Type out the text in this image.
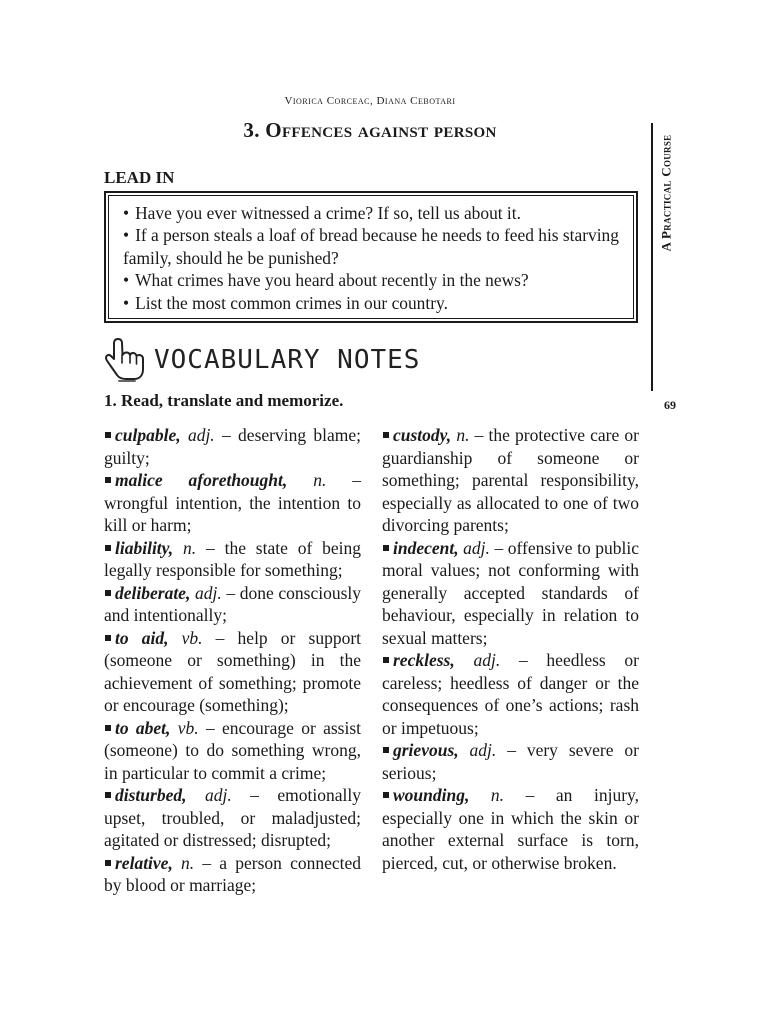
Viorica Corceac, Diana Cebotari
3. Offences against person
A Practical Course
69
LEAD IN
• Have you ever witnessed a crime? If so, tell us about it.
• If a person steals a loaf of bread because he needs to feed his starving family, should he be punished?
• What crimes have you heard about recently in the news?
• List the most common crimes in our country.
VOCABULARY NOTES
1. Read, translate and memorize.

culpable, adj. – deserving blame; guilty;

malice aforethought, n. – wrongful intention, the intention to kill or harm;

liability, n. – the state of being legally responsible for something;

deliberate, adj. – done consciously and intentionally;

to aid, vb. – help or support (someone or something) in the achievement of something; promote or encourage (something);

to abet, vb. – encourage or assist (someone) to do something wrong, in particular to commit a crime;

disturbed, adj. – emotionally upset, troubled, or maladjusted; agitated or distressed; disrupted;

relative, n. – a person connected by blood or marriage;

custody, n. – the protective care or guardianship of someone or something; parental responsibility, especially as allocated to one of two divorcing parents;

indecent, adj. – offensive to public moral values; not conforming with generally accepted standards of behaviour, especially in relation to sexual matters;

reckless, adj. – heedless or careless; heedless of danger or the consequences of one’s actions; rash or impetuous;

grievous, adj. – very severe or serious;

wounding, n. – an injury, especially one in which the skin or another external surface is torn, pierced, cut, or otherwise broken.
